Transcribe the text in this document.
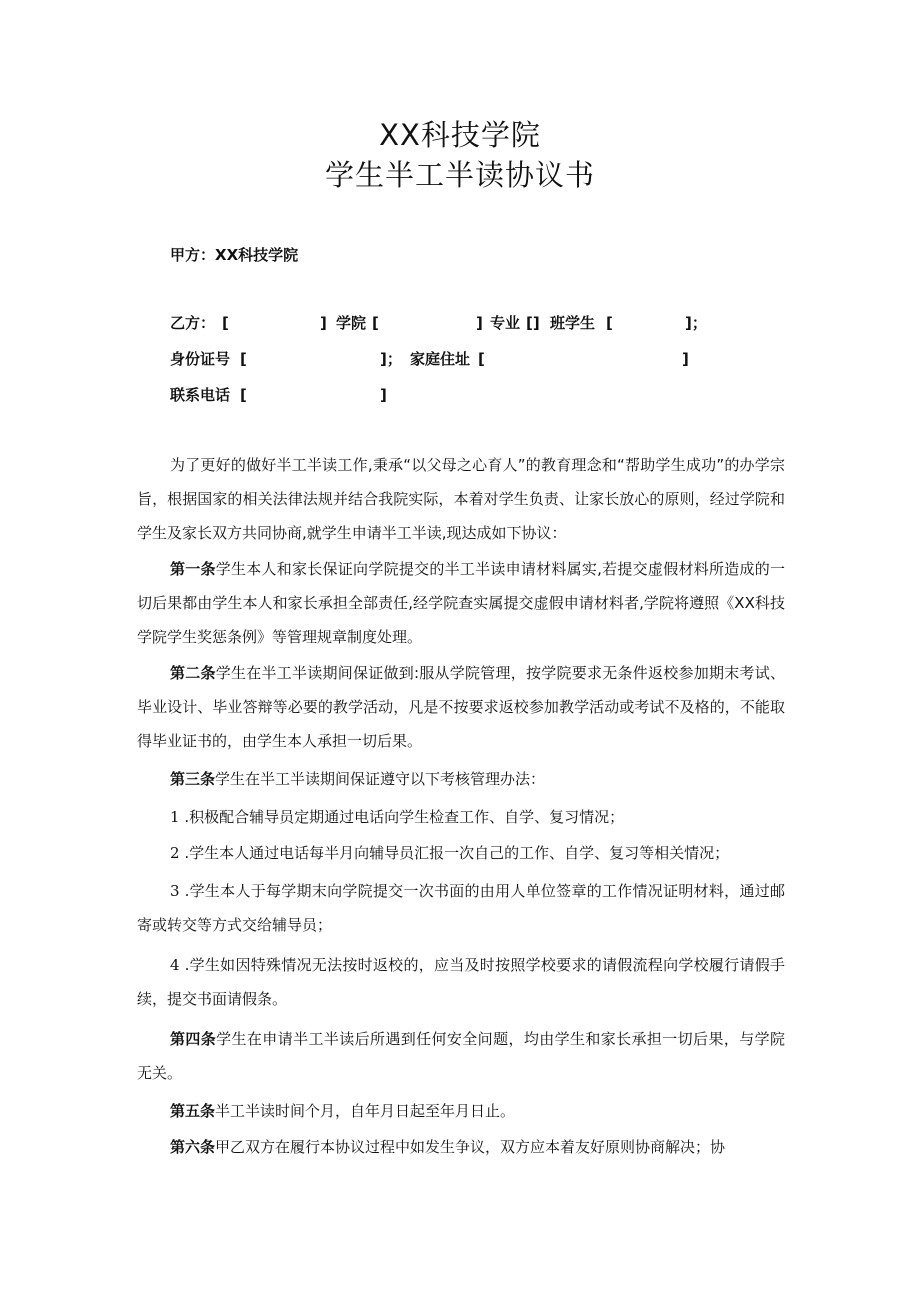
XX科技学院
学生半工半读协议书
甲方：XX科技学院
乙方： [	] 学院 [	] 专业 [] 班学生 [	]；
身份证号 [	]； 家庭住址 [	]
联系电话 [	]

为了更好的做好半工半读工作,秉承“以父母之心育人”的教育理念和“帮助学生成功”的办学宗旨，根据国家的相关法律法规并结合我院实际，本着对学生负责、让家长放心的原则，经过学院和学生及家长双方共同协商,就学生申请半工半读,现达成如下协议：

第一条学生本人和家长保证向学院提交的半工半读申请材料属实,若提交虚假材料所造成的一切后果都由学生本人和家长承担全部责任,经学院查实属提交虚假申请材料者,学院将遵照《XX科技学院学生奖惩条例》等管理规章制度处理。

第二条学生在半工半读期间保证做到:服从学院管理，按学院要求无条件返校参加期末考试、毕业设计、毕业答辩等必要的教学活动，凡是不按要求返校参加教学活动或考试不及格的，不能取得毕业证书的，由学生本人承担一切后果。

第三条学生在半工半读期间保证遵守以下考核管理办法：

1 .积极配合辅导员定期通过电话向学生检查工作、自学、复习情况；

2 .学生本人通过电话每半月向辅导员汇报一次自己的工作、自学、复习等相关情况；

3 .学生本人于每学期末向学院提交一次书面的由用人单位签章的工作情况证明材料，通过邮寄或转交等方式交给辅导员；

4 .学生如因特殊情况无法按时返校的，应当及时按照学校要求的请假流程向学校履行请假手续，提交书面请假条。

第四条学生在申请半工半读后所遇到任何安全问题，均由学生和家长承担一切后果，与学院无关。

第五条半工半读时间个月，自年月日起至年月日止。

第六条甲乙双方在履行本协议过程中如发生争议，双方应本着友好原则协商解决；协
